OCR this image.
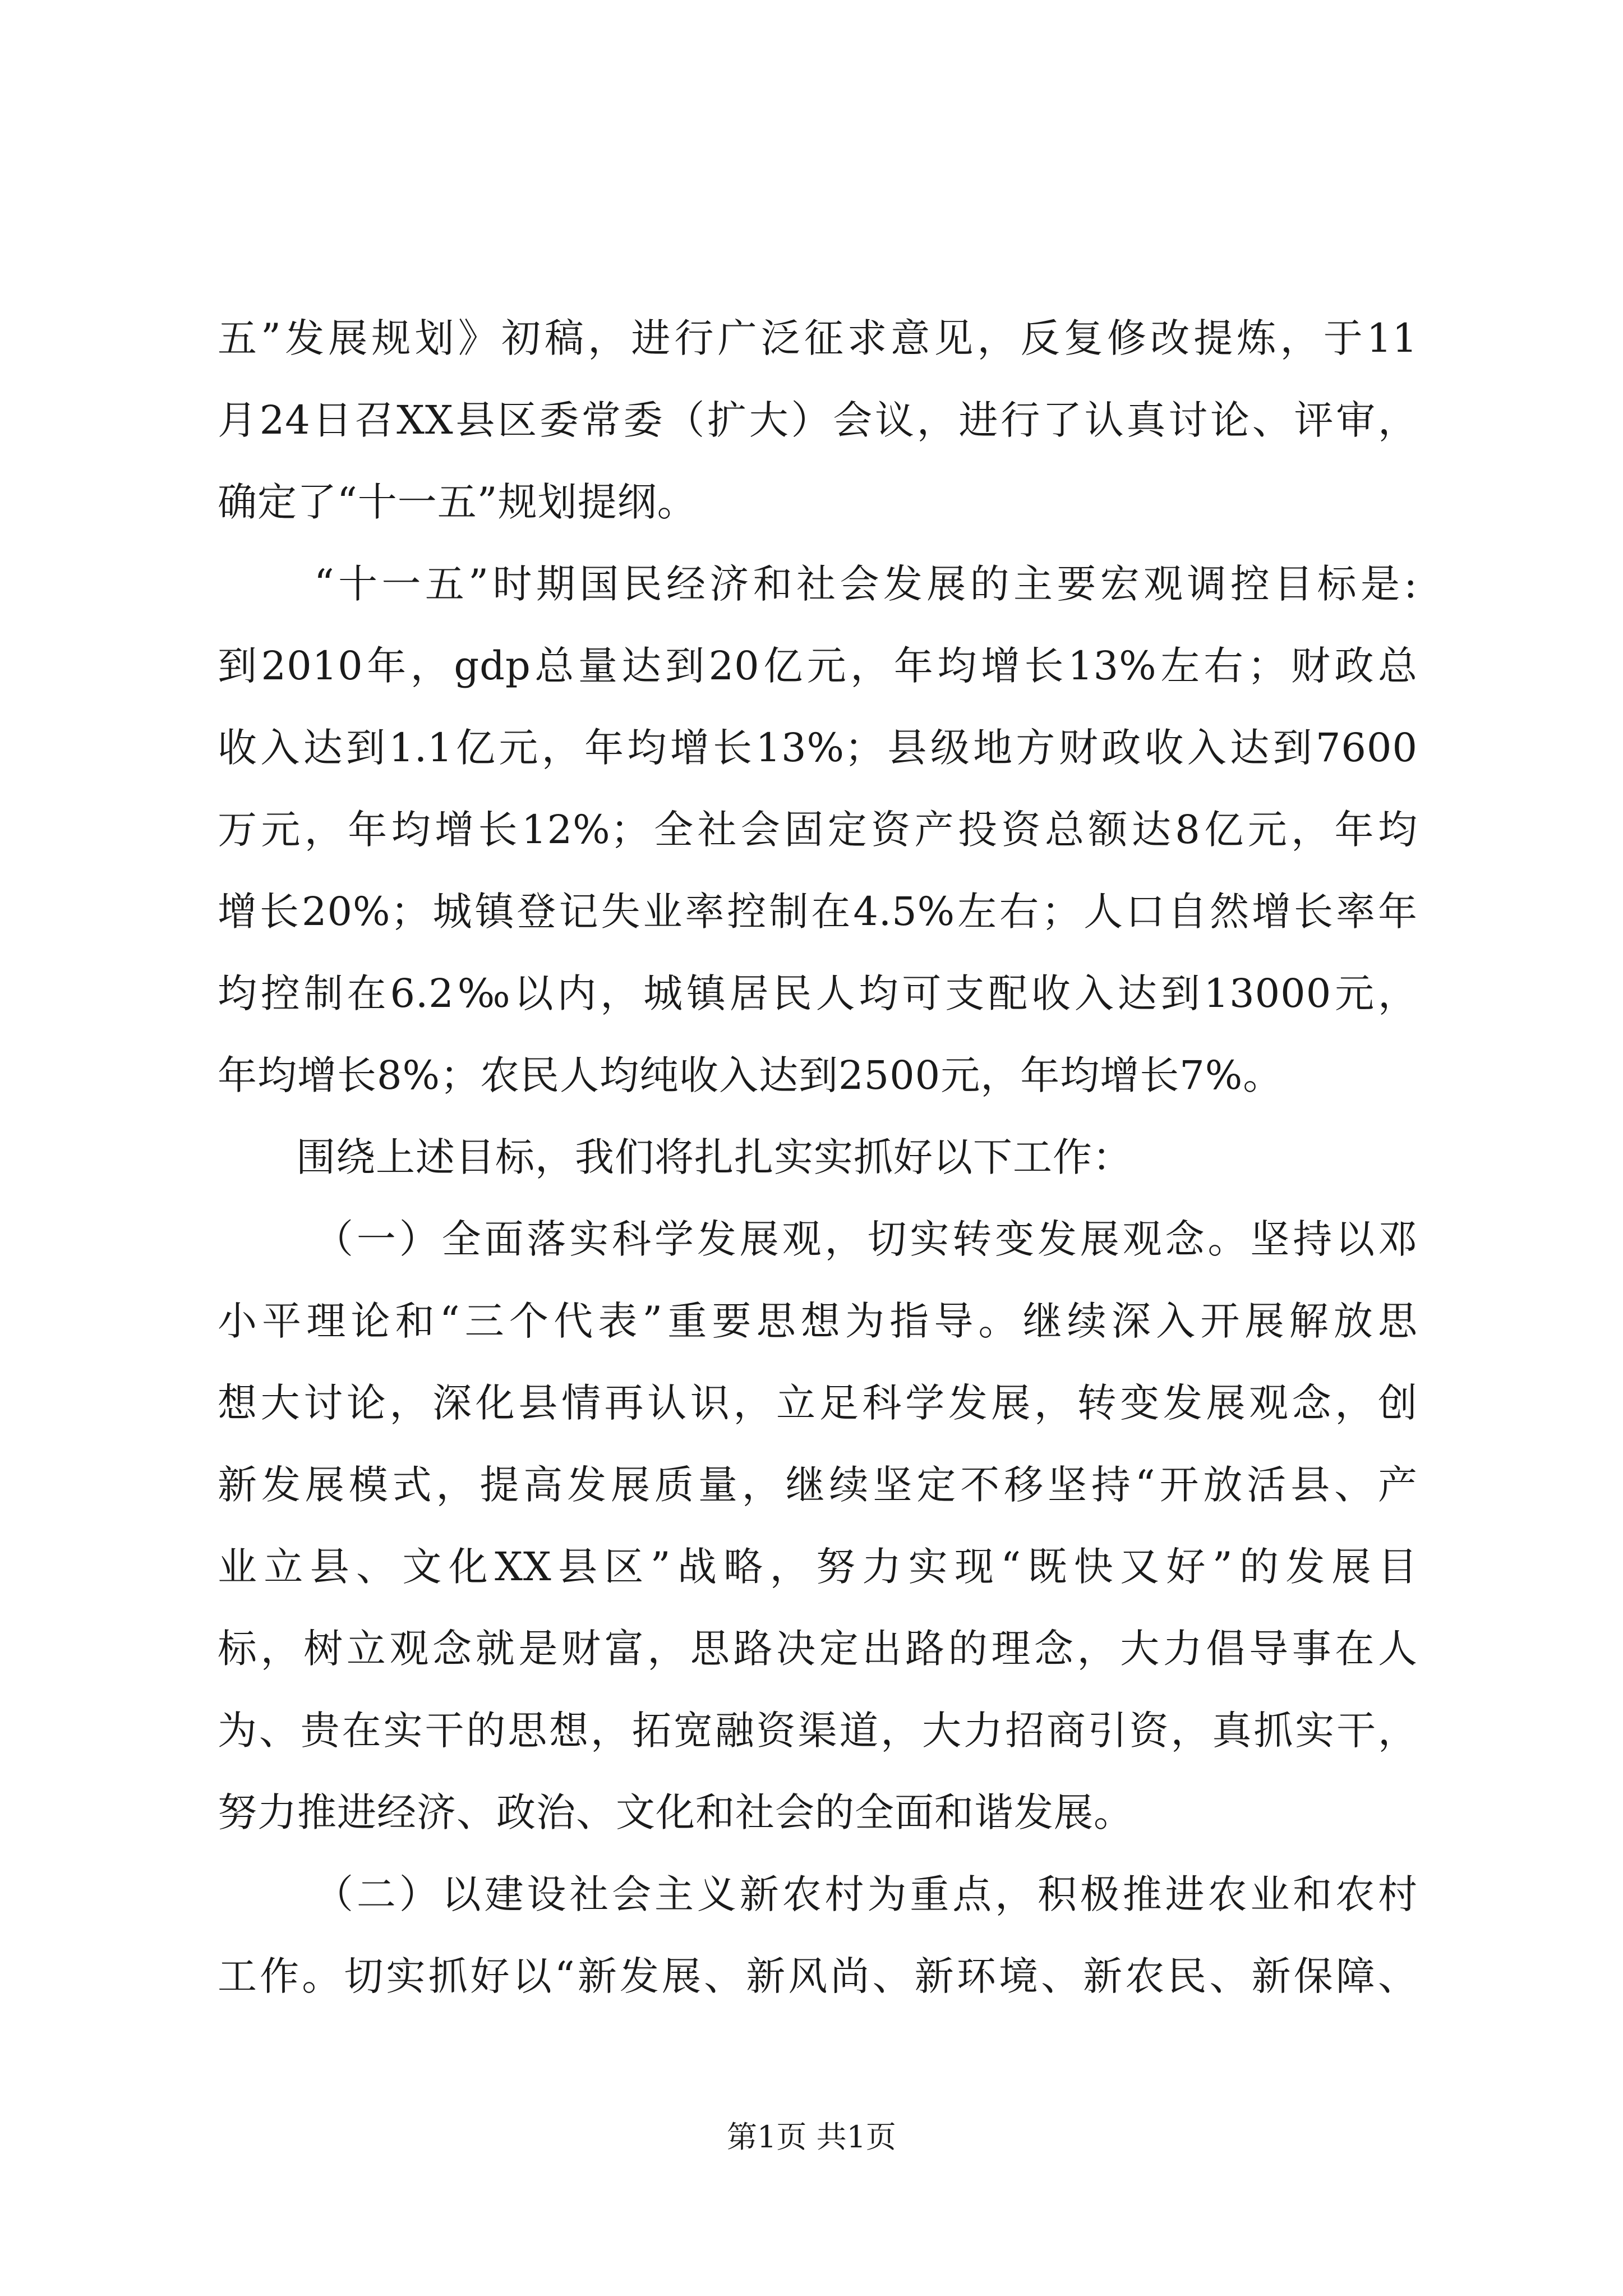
五”发展规划》初稿，进行广泛征求意见，反复修改提炼，于11
月24日召XX县区委常委（扩大）会议，进行了认真讨论、评审，
确定了“十一五”规划提纲。
“十一五”时期国民经济和社会发展的主要宏观调控目标是:
到2010年，gdp总量达到20亿元，年均增长13%左右；财政总
收入达到1.1亿元，年均增长13%；县级地方财政收入达到7600
万元，年均增长12%；全社会固定资产投资总额达8亿元，年均
增长20%；城镇登记失业率控制在4.5%左右；人口自然增长率年
均控制在6.2‰以内，城镇居民人均可支配收入达到13000元，
年均增长8%；农民人均纯收入达到2500元，年均增长7%。
围绕上述目标，我们将扎扎实实抓好以下工作：
（一）全面落实科学发展观，切实转变发展观念。坚持以邓
小平理论和“三个代表”重要思想为指导。继续深入开展解放思
想大讨论，深化县情再认识，立足科学发展，转变发展观念，创
新发展模式，提高发展质量，继续坚定不移坚持“开放活县、产
业立县、文化XX县区”战略，努力实现“既快又好”的发展目
标，树立观念就是财富，思路决定出路的理念，大力倡导事在人
为、贵在实干的思想，拓宽融资渠道，大力招商引资，真抓实干，
努力推进经济、政治、文化和社会的全面和谐发展。
（二）以建设社会主义新农村为重点，积极推进农业和农村
工作。切实抓好以“新发展、新风尚、新环境、新农民、新保障、
第1页 共1页
